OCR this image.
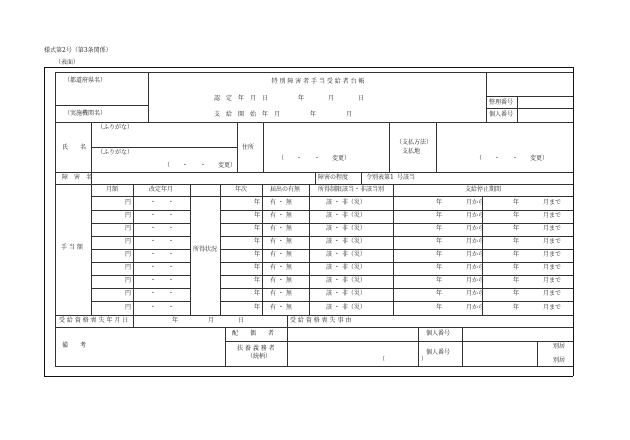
様式第2号（第3条関係）
（表面）
（都道府県名）	特 別 障 害 者 手 当 受 給 者 台 帳
（実施機関名）
認　定　年　月　日　　　　　年　　　　月　　　　日
支　給　開　始　年　月　　　　　年　　　　　月
整理番号
個人番号
氏　　名
（ふりがな）
（ふりがな）
（　　・　　・　　変更）
住所
（　　・　　・　　変更）
（支払方法）
支払地
（　　・　　・　　変更）
障　害　名	障害の程度	令別表第1 号該当
手 当 額
月額	改定年月
所得状況
年次	届出の有無	所得制限該当・非該当別	支給停止期間
円	・　　・	年 有 ・ 無	該 ・ 非（災）	年　　　　月から	年　　　　月まで
円	・　　・	年 有 ・ 無	該 ・ 非（災）	年　　　　月から	年　　　　月まで
円	・　　・	年 有 ・ 無	該 ・ 非（災）	年　　　　月から	年　　　　月まで
円	・　　・	年 有 ・ 無	該 ・ 非（災）	年　　　　月から	年　　　　月まで
円	・　　・	年 有 ・ 無	該 ・ 非（災）	年　　　　月から	年　　　　月まで
円	・　　・	年 有 ・ 無	該 ・ 非（災）	年　　　　月から	年　　　　月まで
円	・　　・	年 有 ・ 無	該 ・ 非（災）	年　　　　月から	年　　　　月まで
円	・　　・	年 有 ・ 無	該 ・ 非（災）	年　　　　月から	年　　　　月まで
円	・　　・	年 有 ・ 無	該 ・ 非（災）	年　　　　月から	年　　　　月まで
受 給 資 格 喪 失 年 月 日	年　　　　　月　　　　日	受 給 資 格 喪 失 事 由
備　　考
配　　偶　　者
扶 養 義 務 者
（続柄）	（　　　　　　）
個人番号
個人番号
別居
別居
